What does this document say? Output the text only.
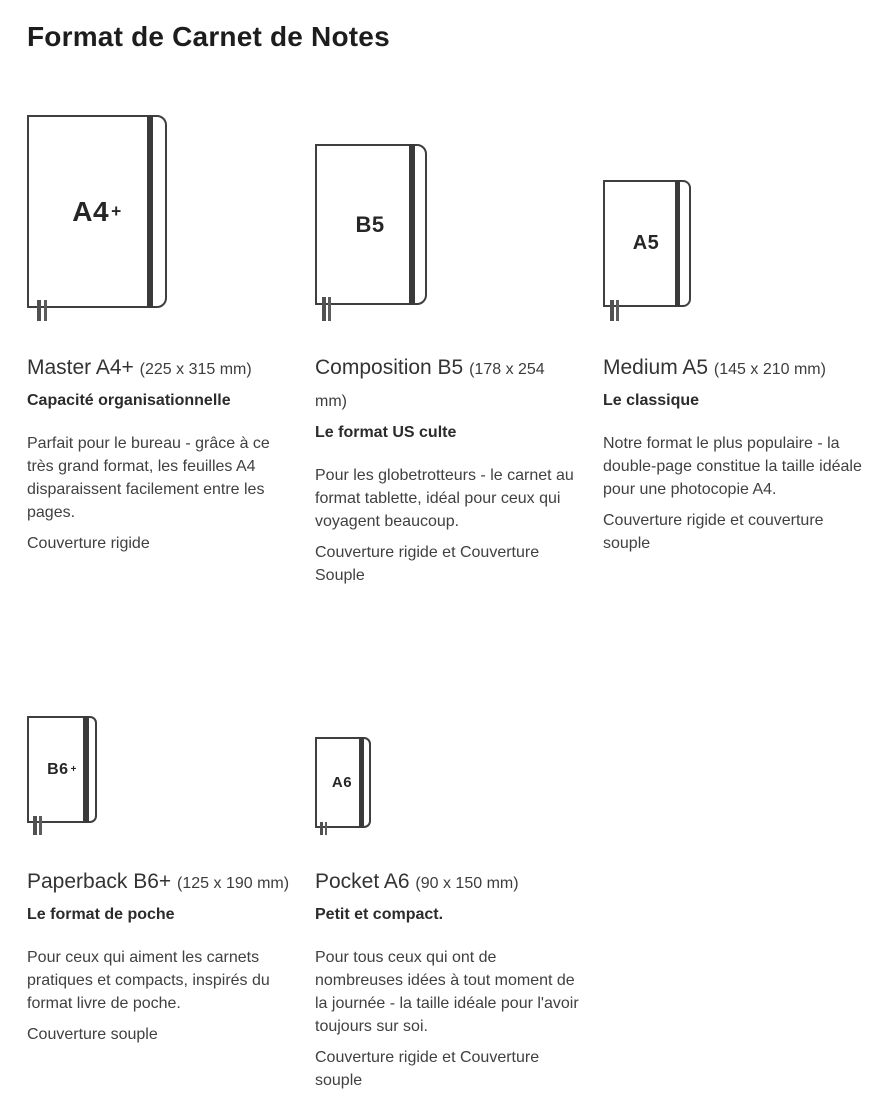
Format de Carnet de Notes
A4 +
Master A4+ (225 x 315 mm)
Capacité organisationnelle

Parfait pour le bureau - grâce à ce très grand format, les feuilles A4 disparaissent facilement entre les pages.

Couverture rigide

B5
Composition B5 (178 x 254 mm)
Le format US culte

Pour les globetrotteurs - le carnet au format tablette, idéal pour ceux qui voyagent beaucoup.

Couverture rigide et Couverture Souple

A5
Medium A5 (145 x 210 mm)
Le classique

Notre format le plus populaire - la double-page constitue la taille idéale pour une photocopie A4.

Couverture rigide et couverture souple

B6 +
Paperback B6+ (125 x 190 mm)
Le format de poche

Pour ceux qui aiment les carnets pratiques et compacts, inspirés du format livre de poche.

Couverture souple

A6
Pocket A6 (90 x 150 mm)
Petit et compact.

Pour tous ceux qui ont de nombreuses idées à tout moment de la journée - la taille idéale pour l'avoir toujours sur soi.

Couverture rigide et Couverture souple
